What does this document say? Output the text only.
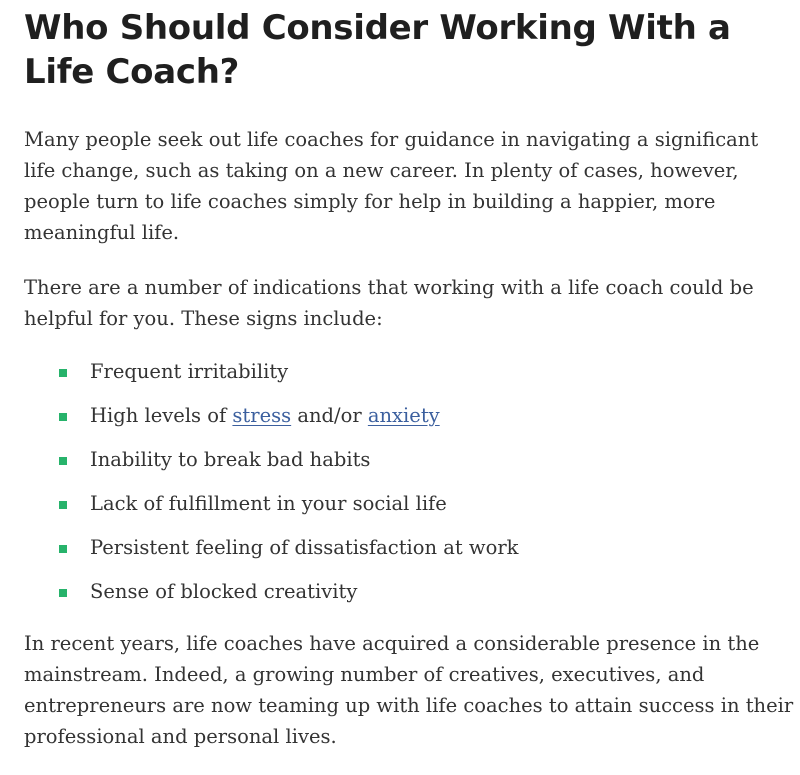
Who Should Consider Working With a Life Coach?

Many people seek out life coaches for guidance in navigating a significant life change, such as taking on a new career. In plenty of cases, however, people turn to life coaches simply for help in building a happier, more meaningful life.

There are a number of indications that working with a life coach could be helpful for you. These signs include:

Frequent irritability
High levels of stress and/or anxiety
Inability to break bad habits
Lack of fulfillment in your social life
Persistent feeling of dissatisfaction at work
Sense of blocked creativity

In recent years, life coaches have acquired a considerable presence in the mainstream. Indeed, a growing number of creatives, executives, and entrepreneurs are now teaming up with life coaches to attain success in their professional and personal lives.
